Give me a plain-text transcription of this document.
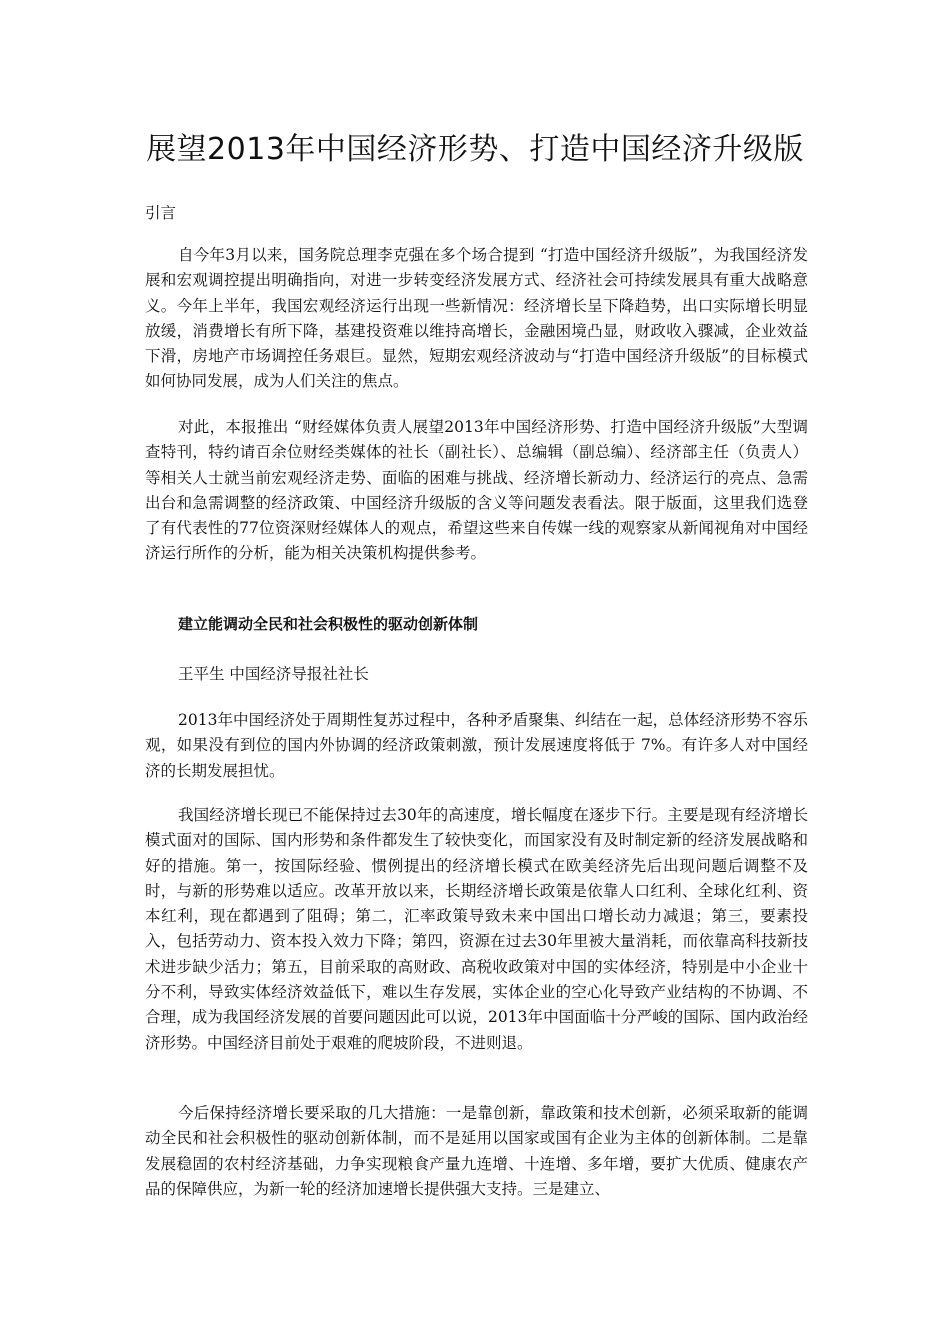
展望2013年中国经济形势、打造中国经济升级版

引言

自今年3月以来，国务院总理李克强在多个场合提到 “打造中国经济升级版”，为我国经济发展和宏观调控提出明确指向，对进一步转变经济发展方式、经济社会可持续发展具有重大战略意义。今年上半年，我国宏观经济运行出现一些新情况：经济增长呈下降趋势，出口实际增长明显放缓，消费增长有所下降，基建投资难以维持高增长，金融困境凸显，财政收入骤减，企业效益下滑，房地产市场调控任务艰巨。显然，短期宏观经济波动与“打造中国经济升级版”的目标模式如何协同发展，成为人们关注的焦点。

对此，本报推出 “财经媒体负责人展望2013年中国经济形势、打造中国经济升级版”大型调查特刊，特约请百余位财经类媒体的社长（副社长）、总编辑（副总编）、经济部主任（负责人）等相关人士就当前宏观经济走势、面临的困难与挑战、经济增长新动力、经济运行的亮点、急需出台和急需调整的经济政策、中国经济升级版的含义等问题发表看法。限于版面，这里我们选登了有代表性的77位资深财经媒体人的观点，希望这些来自传媒一线的观察家从新闻视角对中国经济运行所作的分析，能为相关决策机构提供参考。

建立能调动全民和社会积极性的驱动创新体制

王平生 中国经济导报社社长

2013年中国经济处于周期性复苏过程中，各种矛盾聚集、纠结在一起，总体经济形势不容乐观，如果没有到位的国内外协调的经济政策刺激，预计发展速度将低于 7%。有许多人对中国经济的长期发展担忧。

我国经济增长现已不能保持过去30年的高速度，增长幅度在逐步下行。主要是现有经济增长模式面对的国际、国内形势和条件都发生了较快变化，而国家没有及时制定新的经济发展战略和好的措施。第一，按国际经验、惯例提出的经济增长模式在欧美经济先后出现问题后调整不及时，与新的形势难以适应。改革开放以来，长期经济增长政策是依靠人口红利、全球化红利、资本红利，现在都遇到了阻碍；第二，汇率政策导致未来中国出口增长动力减退；第三，要素投入，包括劳动力、资本投入效力下降；第四，资源在过去30年里被大量消耗，而依靠高科技新技术进步缺少活力；第五，目前采取的高财政、高税收政策对中国的实体经济，特别是中小企业十分不利，导致实体经济效益低下，难以生存发展，实体企业的空心化导致产业结构的不协调、不合理，成为我国经济发展的首要问题因此可以说，2013年中国面临十分严峻的国际、国内政治经济形势。中国经济目前处于艰难的爬坡阶段，不进则退。

今后保持经济增长要采取的几大措施：一是靠创新，靠政策和技术创新，必须采取新的能调动全民和社会积极性的驱动创新体制，而不是延用以国家或国有企业为主体的创新体制。二是靠发展稳固的农村经济基础，力争实现粮食产量九连增、十连增、多年增，要扩大优质、健康农产品的保障供应，为新一轮的经济加速增长提供强大支持。三是建立、
